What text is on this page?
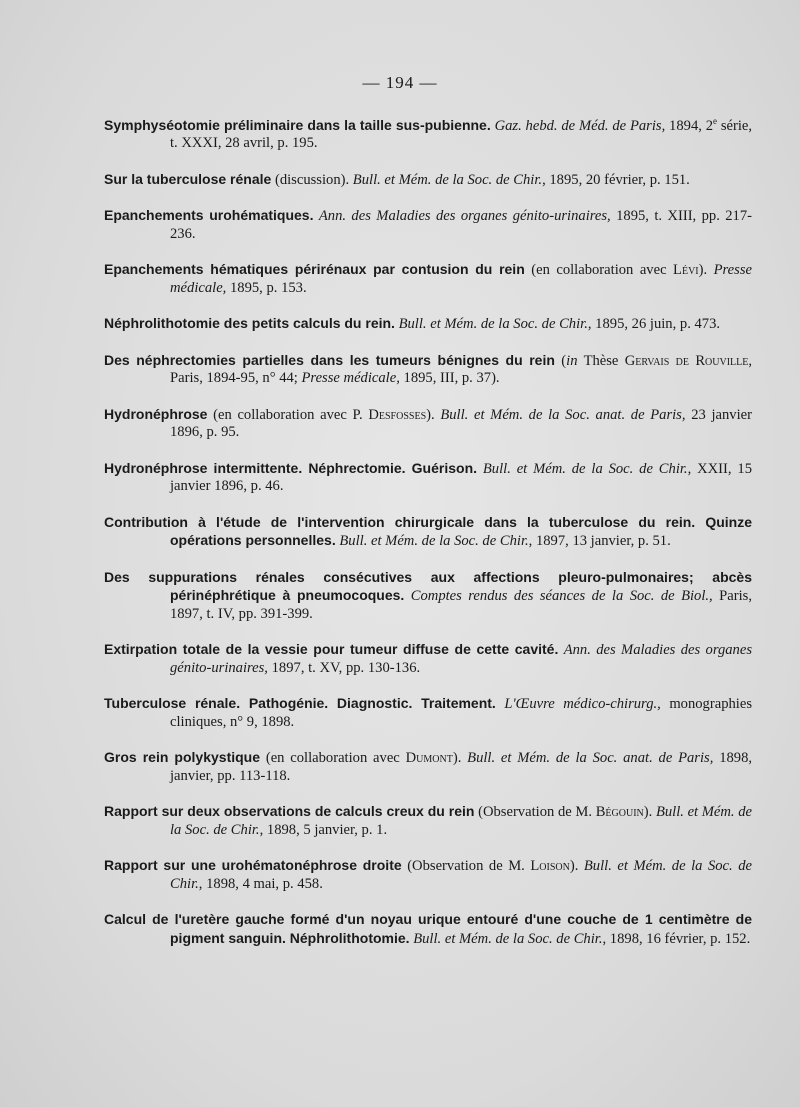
— 194 —

Symphyséotomie préliminaire dans la taille sus-pubienne. Gaz. hebd. de Méd. de Paris, 1894, 2e série, t. XXXI, 28 avril, p. 195.

Sur la tuberculose rénale (discussion). Bull. et Mém. de la Soc. de Chir., 1895, 20 février, p. 151.

Epanchements urohématiques. Ann. des Maladies des organes génito-urinaires, 1895, t. XIII, pp. 217-236.

Epanchements hématiques périrénaux par contusion du rein (en collaboration avec Lévi). Presse médicale, 1895, p. 153.

Néphrolithotomie des petits calculs du rein. Bull. et Mém. de la Soc. de Chir., 1895, 26 juin, p. 473.

Des néphrectomies partielles dans les tumeurs bénignes du rein (in Thèse Gervais de Rouville, Paris, 1894-95, n° 44; Presse médicale, 1895, III, p. 37).

Hydronéphrose (en collaboration avec P. Desfosses). Bull. et Mém. de la Soc. anat. de Paris, 23 janvier 1896, p. 95.

Hydronéphrose intermittente. Néphrectomie. Guérison. Bull. et Mém. de la Soc. de Chir., XXII, 15 janvier 1896, p. 46.

Contribution à l'étude de l'intervention chirurgicale dans la tuberculose du rein. Quinze opérations personnelles. Bull. et Mém. de la Soc. de Chir., 1897, 13 janvier, p. 51.

Des suppurations rénales consécutives aux affections pleuro-pulmonaires; abcès périnéphrétique à pneumocoques. Comptes rendus des séances de la Soc. de Biol., Paris, 1897, t. IV, pp. 391-399.

Extirpation totale de la vessie pour tumeur diffuse de cette cavité. Ann. des Maladies des organes génito-urinaires, 1897, t. XV, pp. 130-136.

Tuberculose rénale. Pathogénie. Diagnostic. Traitement. L'Œuvre médico-chirurg., monographies cliniques, n° 9, 1898.

Gros rein polykystique (en collaboration avec Dumont). Bull. et Mém. de la Soc. anat. de Paris, 1898, janvier, pp. 113-118.

Rapport sur deux observations de calculs creux du rein (Observation de M. Bégouin). Bull. et Mém. de la Soc. de Chir., 1898, 5 janvier, p. 1.

Rapport sur une urohématonéphrose droite (Observation de M. Loison). Bull. et Mém. de la Soc. de Chir., 1898, 4 mai, p. 458.

Calcul de l'uretère gauche formé d'un noyau urique entouré d'une couche de 1 centimètre de pigment sanguin. Néphrolithotomie. Bull. et Mém. de la Soc. de Chir., 1898, 16 février, p. 152.
